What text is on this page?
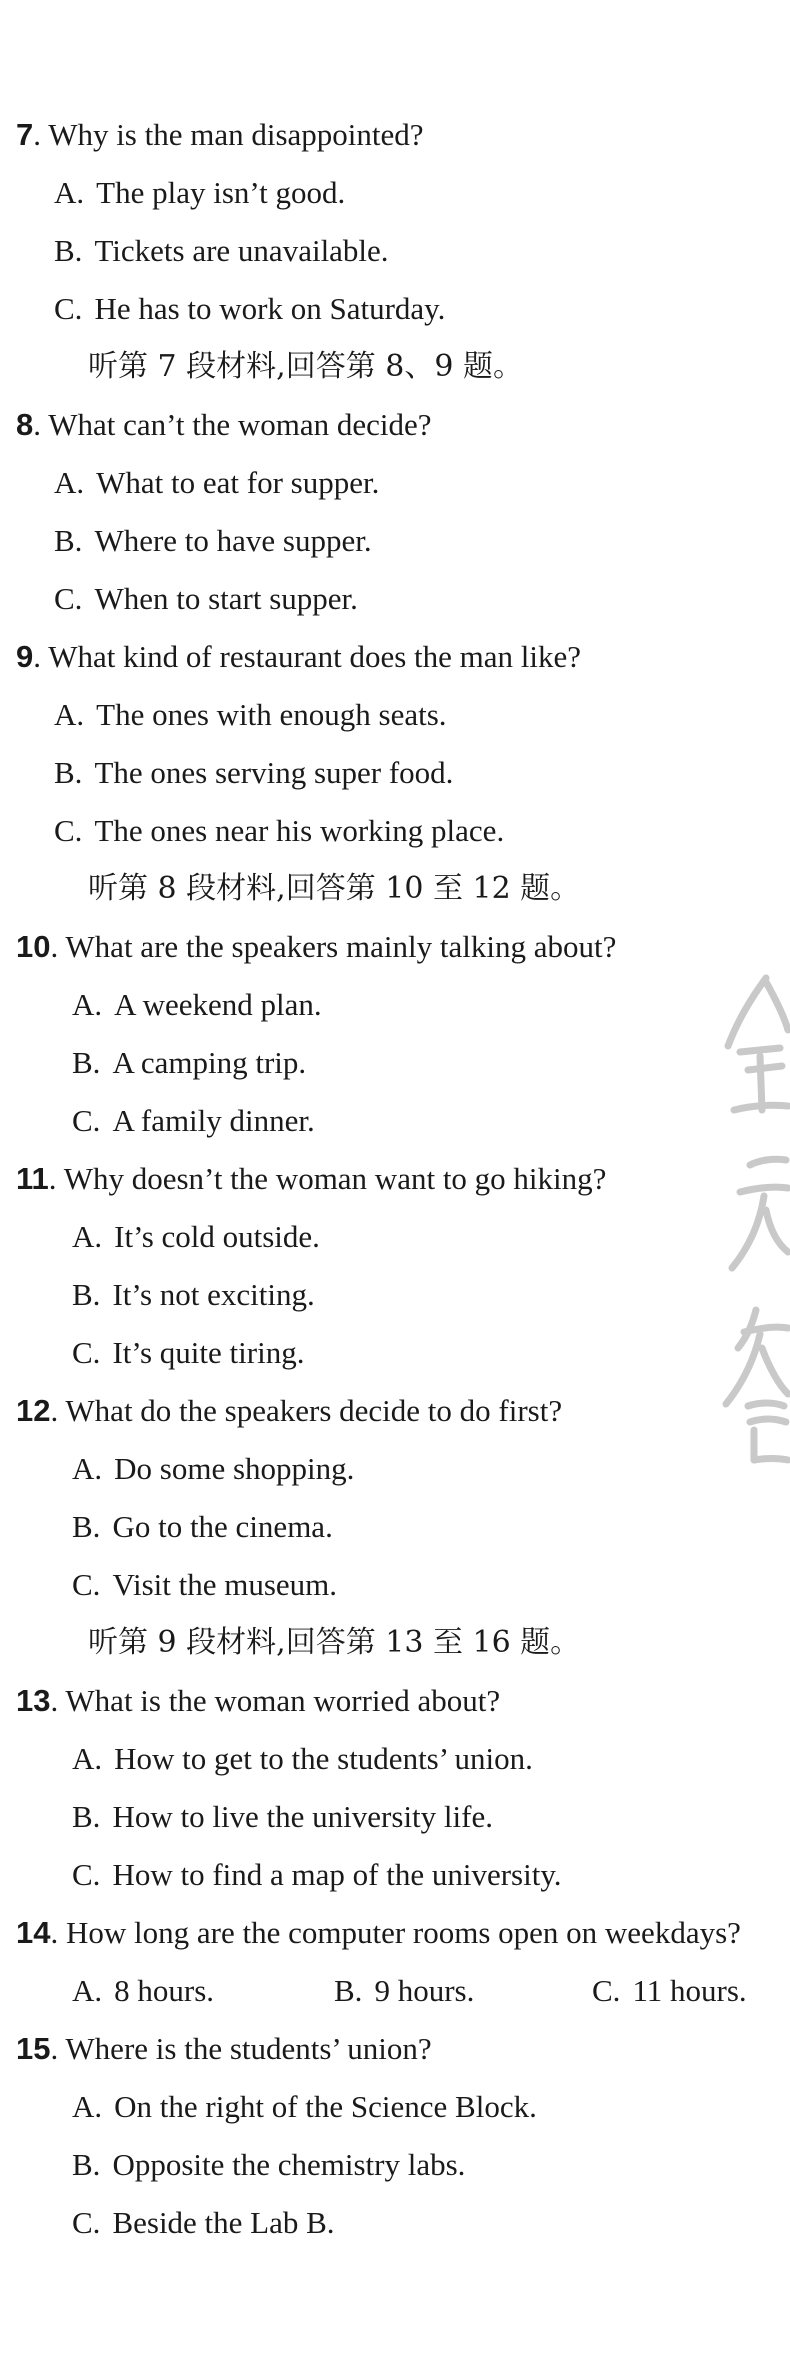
7. Why is the man disappointed?
A. The play isn’t good.
B. Tickets are unavailable.
C. He has to work on Saturday.
听第 7 段材料,回答第 8、9 题。
8. What can’t the woman decide?
A. What to eat for supper.
B. Where to have supper.
C. When to start supper.
9. What kind of restaurant does the man like?
A. The ones with enough seats.
B. The ones serving super food.
C. The ones near his working place.
听第 8 段材料,回答第 10 至 12 题。
10. What are the speakers mainly talking about?
A. A weekend plan.
B. A camping trip.
C. A family dinner.
11. Why doesn’t the woman want to go hiking?
A. It’s cold outside.
B. It’s not exciting.
C. It’s quite tiring.
12. What do the speakers decide to do first?
A. Do some shopping.
B. Go to the cinema.
C. Visit the museum.
听第 9 段材料,回答第 13 至 16 题。
13. What is the woman worried about?
A. How to get to the students’ union.
B. How to live the university life.
C. How to find a map of the university.
14. How long are the computer rooms open on weekdays?
A. 8 hours.	B. 9 hours.	C. 11 hours.
15. Where is the students’ union?
A. On the right of the Science Block.
B. Opposite the chemistry labs.
C. Beside the Lab B.
